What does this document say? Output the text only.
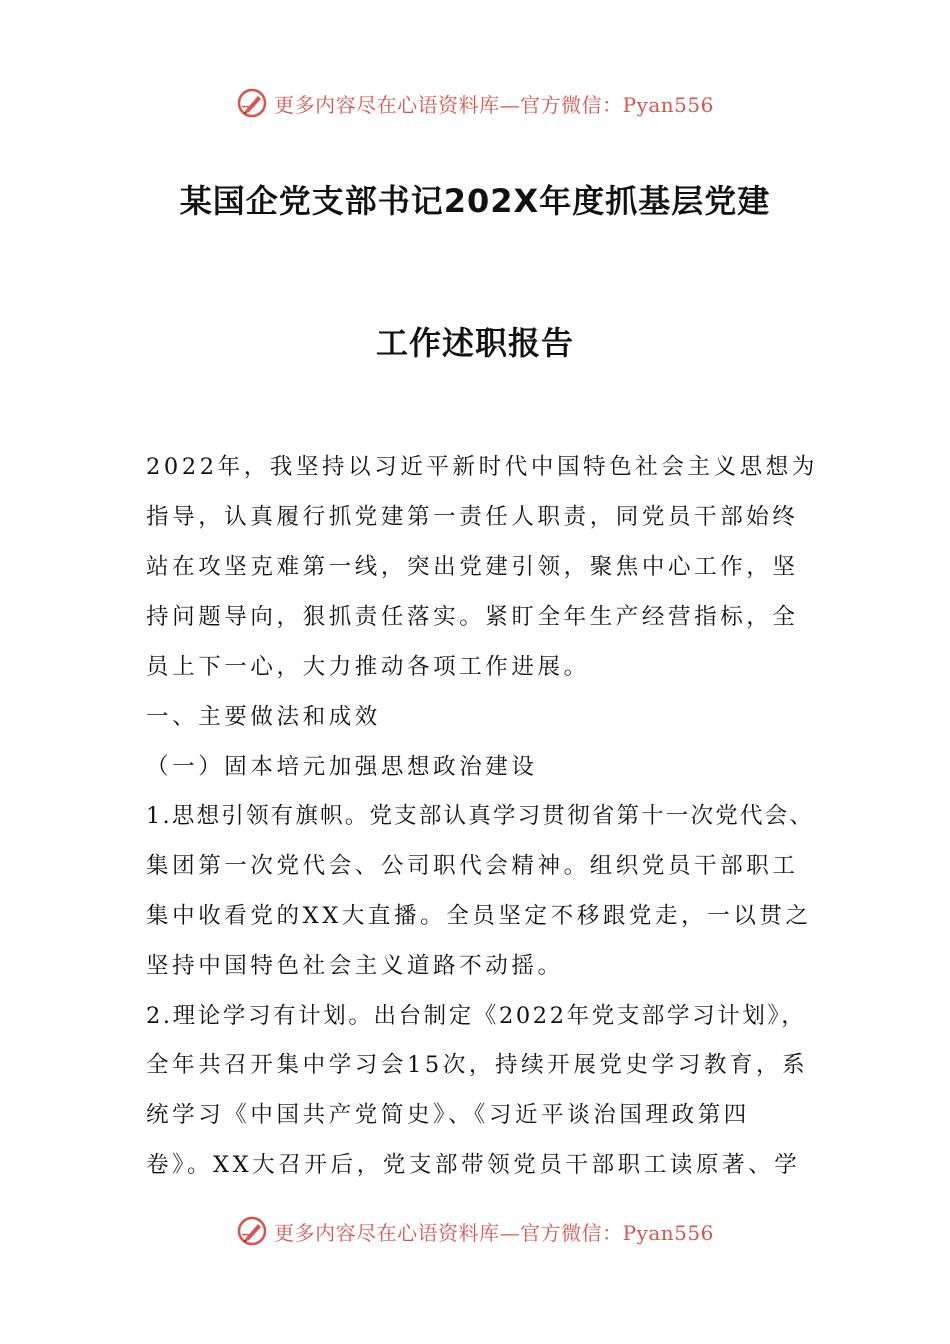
更多内容尽在心语资料库—官方微信：Pyan556
某国企党支部书记202X年度抓基层党建
工作述职报告
2022年，我坚持以习近平新时代中国特色社会主义思想为
指导，认真履行抓党建第一责任人职责，同党员干部始终
站在攻坚克难第一线，突出党建引领，聚焦中心工作，坚
持问题导向，狠抓责任落实。紧盯全年生产经营指标，全
员上下一心，大力推动各项工作进展。
一、主要做法和成效
（一）固本培元加强思想政治建设
1.思想引领有旗帜。党支部认真学习贯彻省第十一次党代会、
集团第一次党代会、公司职代会精神。组织党员干部职工
集中收看党的XX大直播。全员坚定不移跟党走，一以贯之
坚持中国特色社会主义道路不动摇。
2.理论学习有计划。出台制定《2022年党支部学习计划》，
全年共召开集中学习会15次，持续开展党史学习教育，系
统学习《中国共产党简史》、《习近平谈治国理政第四
卷》。XX大召开后，党支部带领党员干部职工读原著、学
更多内容尽在心语资料库—官方微信：Pyan556
